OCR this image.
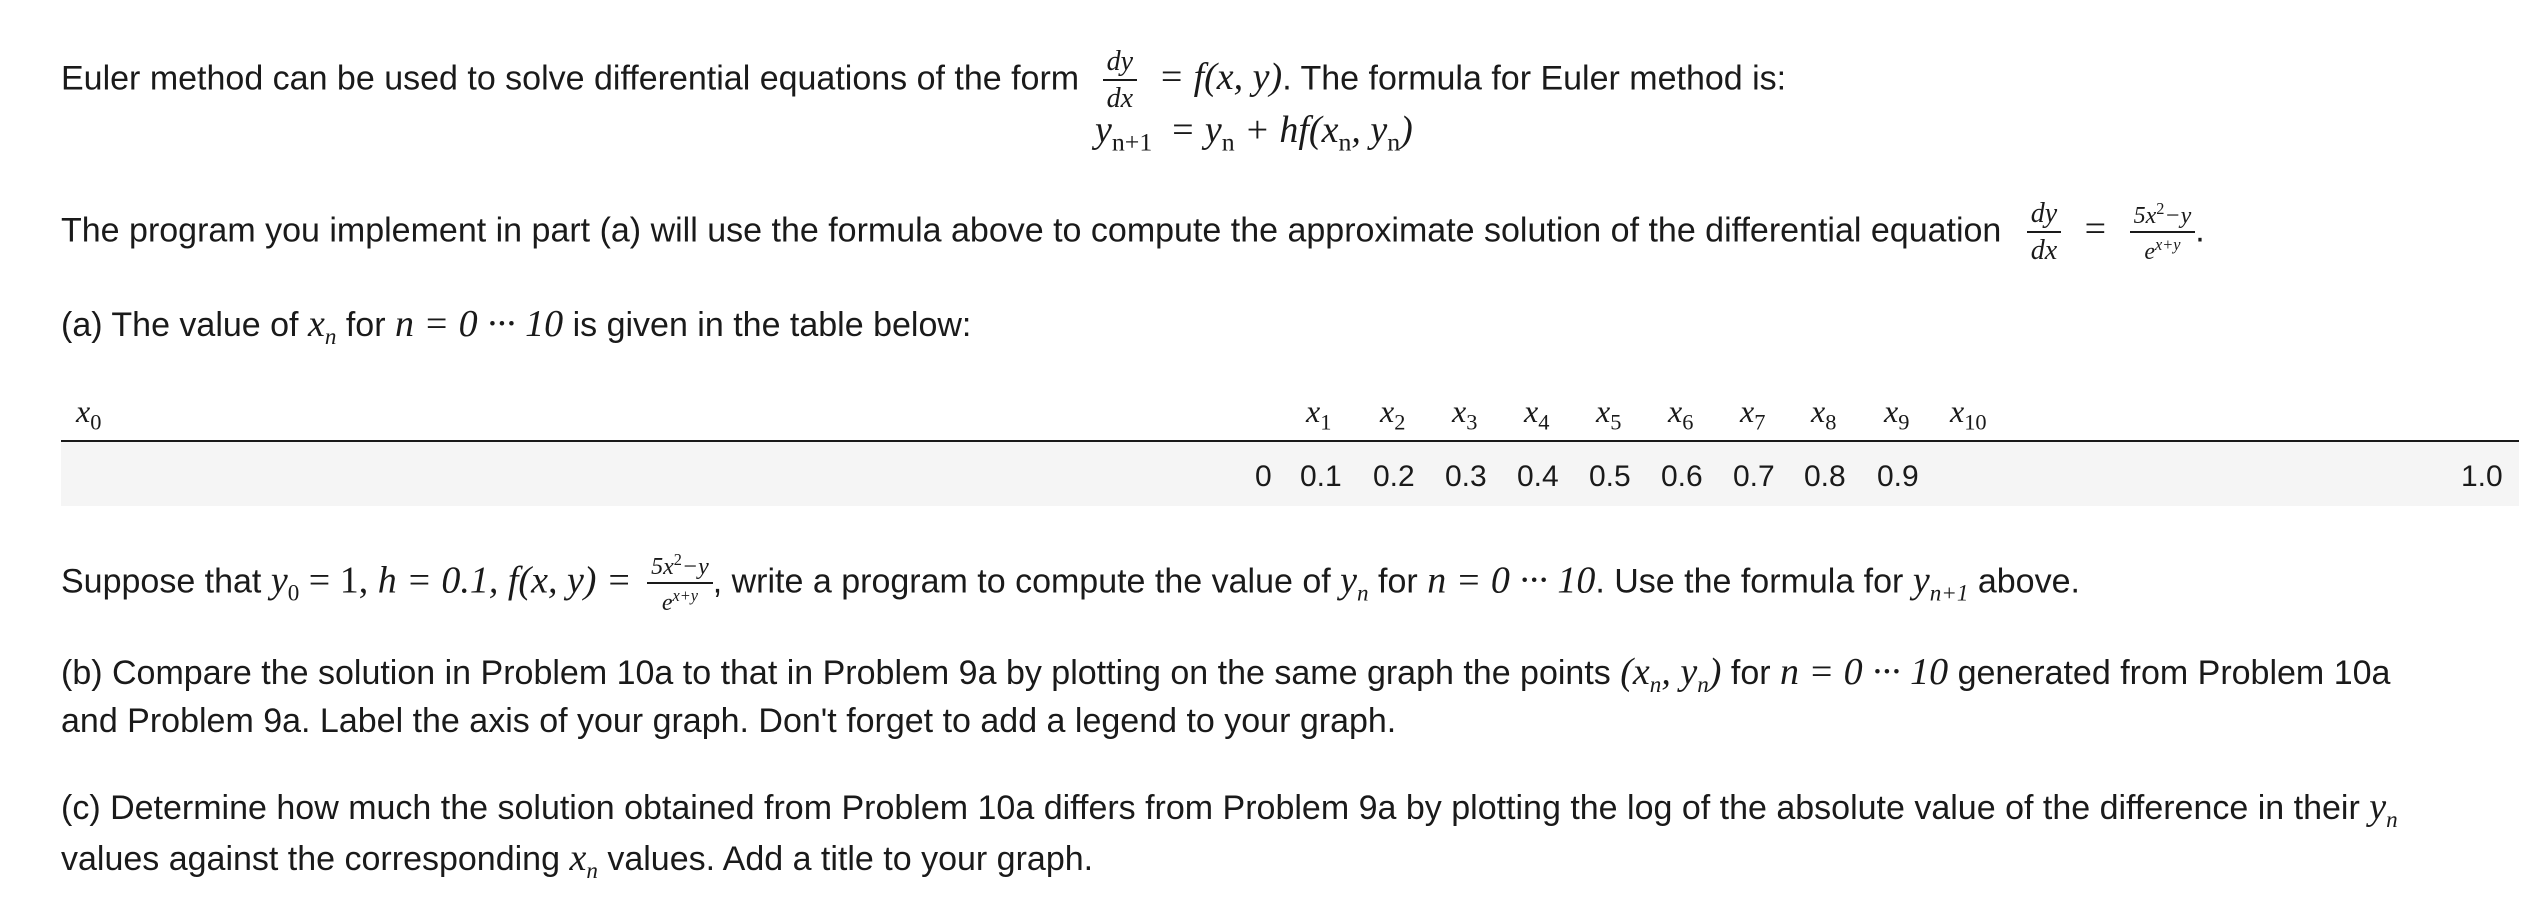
Euler method can be used to solve differential equations of the form $\frac{dy}{dx} = f(x$, y). The formula for Euler method is:
$y_{n+1} = y_n + hf(x_n$, $y_n$)
The program you implement in part (a) will use the formula above to compute the approximate solution of the differential equation $\frac{dy}{dx} = \frac{5x^2-y}{e^{x+y}}$ .
(a) The value of $x_n$ for n = 0 ··· 10 is given in the table below:
$x_0$	$x_1$ $x_2$ $x_3$ $x_4$ $x_5$ $x_6$ $x_7$ $x_8$ $x_9$ $x_{10}$
0 0.1 0.2 0.3 0.4 0.5 0.6 0.7 0.8 0.9	1.0
Suppose that $y_0 = 1$, h = 0.1, f(x, $y) = \frac{5x^2-y}{e^{x+y}}$ , write a program to compute the value of $y_n$ for n = 0 ··· 10. Use the formula for $y_{n+1}$ above.
(b) Compare the solution in Problem 10a to that in Problem 9a by plotting on the same graph the points ($x_n$, $y_n$) for n = 0 ··· 10 generated from Problem 10a
and Problem 9a. Label the axis of your graph. Don't forget to add a legend to your graph.
(c) Determine how much the solution obtained from Problem 10a differs from Problem 9a by plotting the log of the absolute value of the difference in their $y_n$
values against the corresponding $x_n$ values. Add a title to your graph.
